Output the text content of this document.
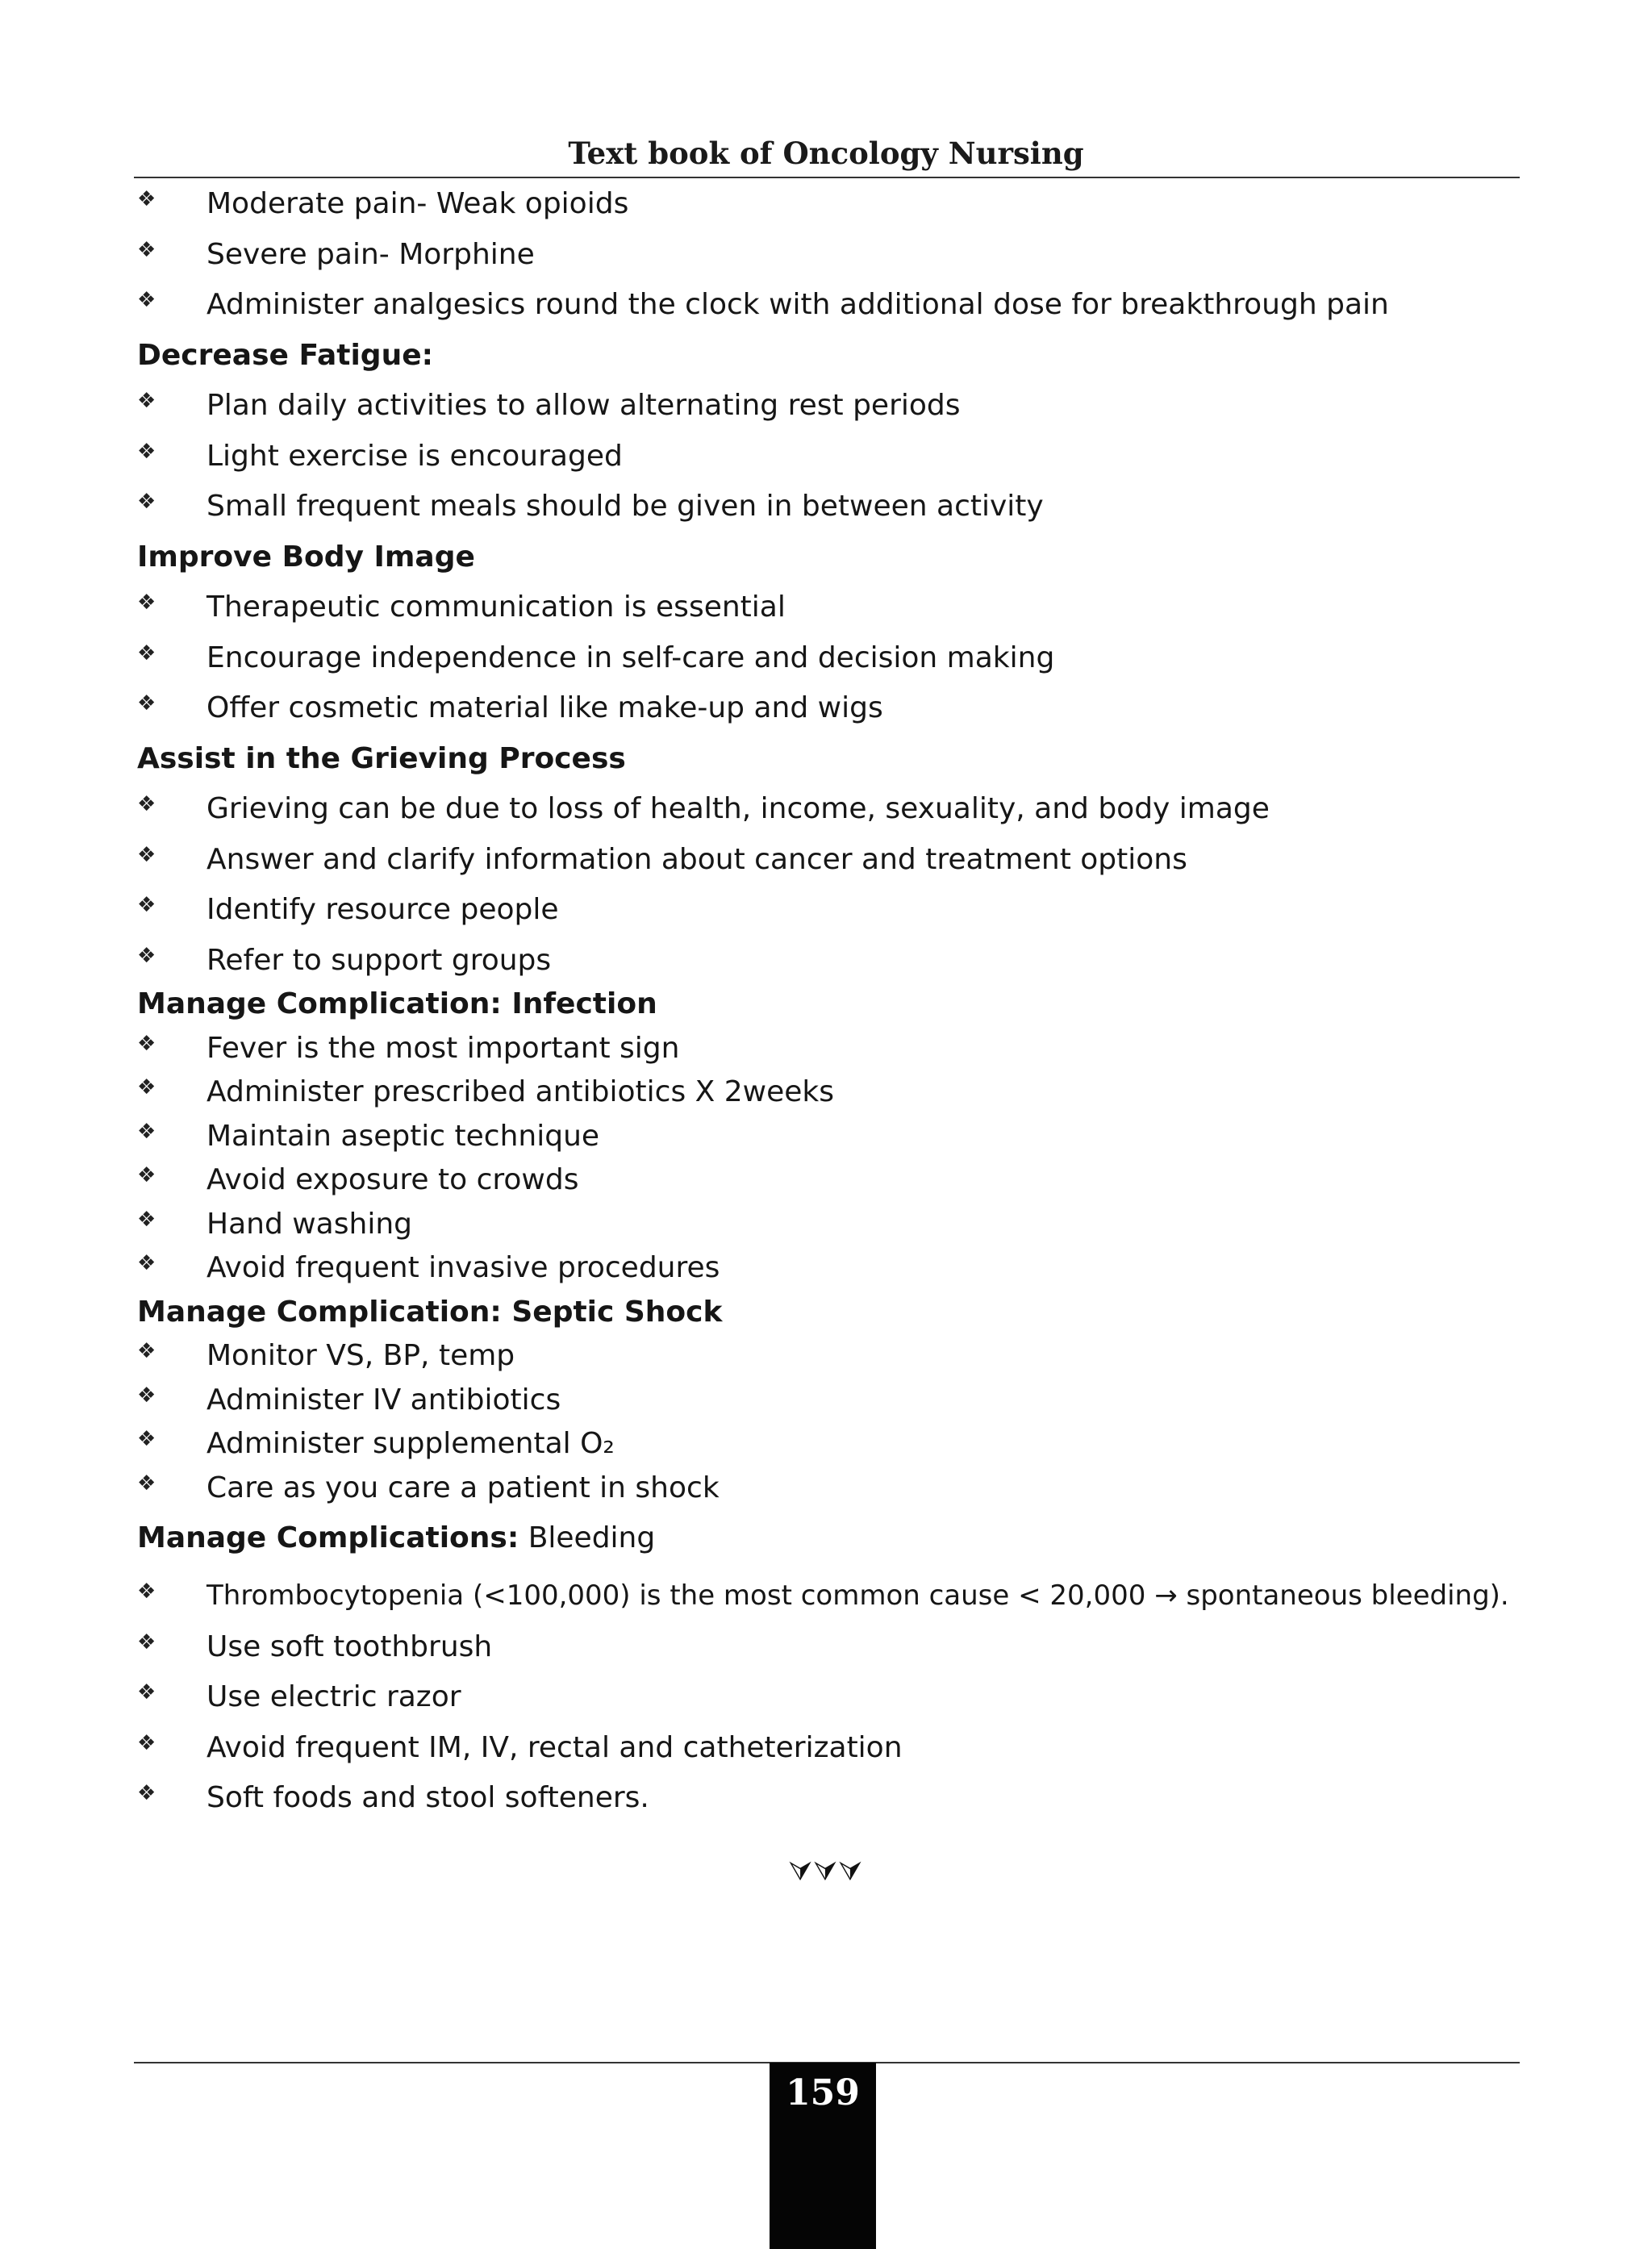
Text book of Oncology Nursing
❖ Moderate pain- Weak opioids
❖ Severe pain- Morphine
❖ Administer analgesics round the clock with additional dose for breakthrough pain
Decrease Fatigue:
❖ Plan daily activities to allow alternating rest periods
❖ Light exercise is encouraged
❖ Small frequent meals should be given in between activity
Improve Body Image
❖ Therapeutic communication is essential
❖ Encourage independence in self-care and decision making
❖ Offer cosmetic material like make-up and wigs
Assist in the Grieving Process
❖ Grieving can be due to loss of health, income, sexuality, and body image
❖ Answer and clarify information about cancer and treatment options
❖ Identify resource people
❖ Refer to support groups
Manage Complication: Infection
❖ Fever is the most important sign
❖ Administer prescribed antibiotics X 2weeks
❖ Maintain aseptic technique
❖ Avoid exposure to crowds
❖ Hand washing
❖ Avoid frequent invasive procedures
Manage Complication: Septic Shock
❖ Monitor VS, BP, temp
❖ Administer IV antibiotics
❖ Administer supplemental O₂
❖ Care as you care a patient in shock
Manage Complications: Bleeding
❖ Thrombocytopenia (<100,000) is the most common cause < 20,000 → spontaneous bleeding).
❖ Use soft toothbrush
❖ Use electric razor
❖ Avoid frequent IM, IV, rectal and catheterization
❖ Soft foods and stool softeners.
⮛⮛⮛
159
